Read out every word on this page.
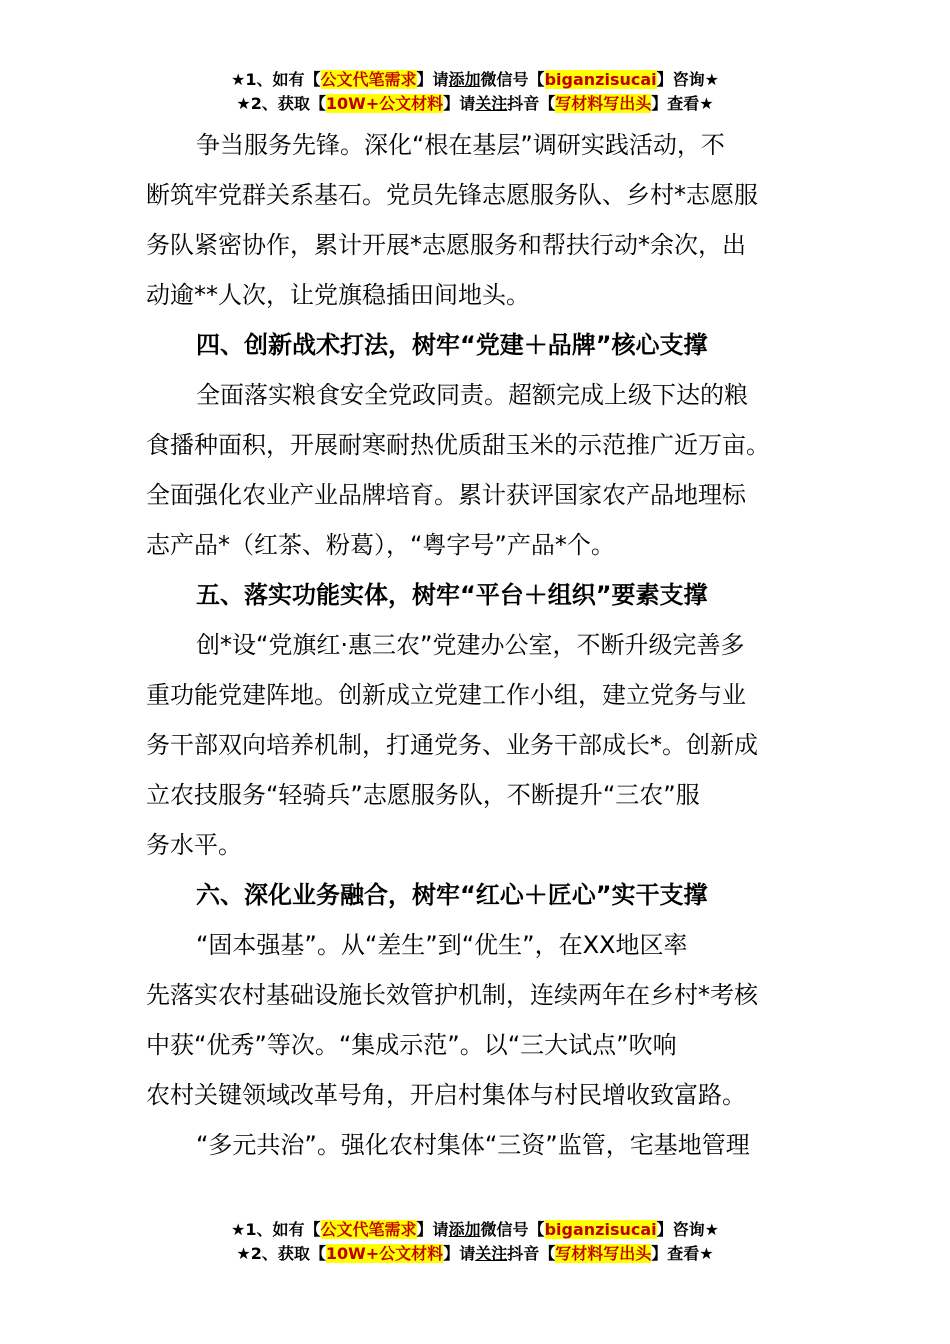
★1、如有【公文代笔需求】请添加微信号【biganzisucai】咨询★
★2、获取【10W+公文材料】请关注抖音【写材料写出头】查看★

争当服务先锋。深化“根在基层”调研实践活动，不

断筑牢党群关系基石。党员先锋志愿服务队、乡村*志愿服

务队紧密协作，累计开展*志愿服务和帮扶行动*余次，出

动逾**人次，让党旗稳插田间地头。

四、创新战术打法，树牢“党建＋品牌”核心支撑

全面落实粮食安全党政同责。超额完成上级下达的粮

食播种面积，开展耐寒耐热优质甜玉米的示范推广近万亩。

全面强化农业产业品牌培育。累计获评国家农产品地理标

志产品*（红茶、粉葛），“粤字号”产品*个。

五、落实功能实体，树牢“平台＋组织”要素支撑

创*设“党旗红·惠三农”党建办公室，不断升级完善多

重功能党建阵地。创新成立党建工作小组，建立党务与业

务干部双向培养机制，打通党务、业务干部成长*。创新成

立农技服务“轻骑兵”志愿服务队，不断提升“三农”服

务水平。

六、深化业务融合，树牢“红心＋匠心”实干支撑

“固本强基”。从“差生”到“优生”，在XX地区率

先落实农村基础设施长效管护机制，连续两年在乡村*考核

中获“优秀”等次。“集成示范”。以“三大试点”吹响

农村关键领域改革号角，开启村集体与村民增收致富路。

“多元共治”。强化农村集体“三资”监管，宅基地管理

★1、如有【公文代笔需求】请添加微信号【biganzisucai】咨询★
★2、获取【10W+公文材料】请关注抖音【写材料写出头】查看★
